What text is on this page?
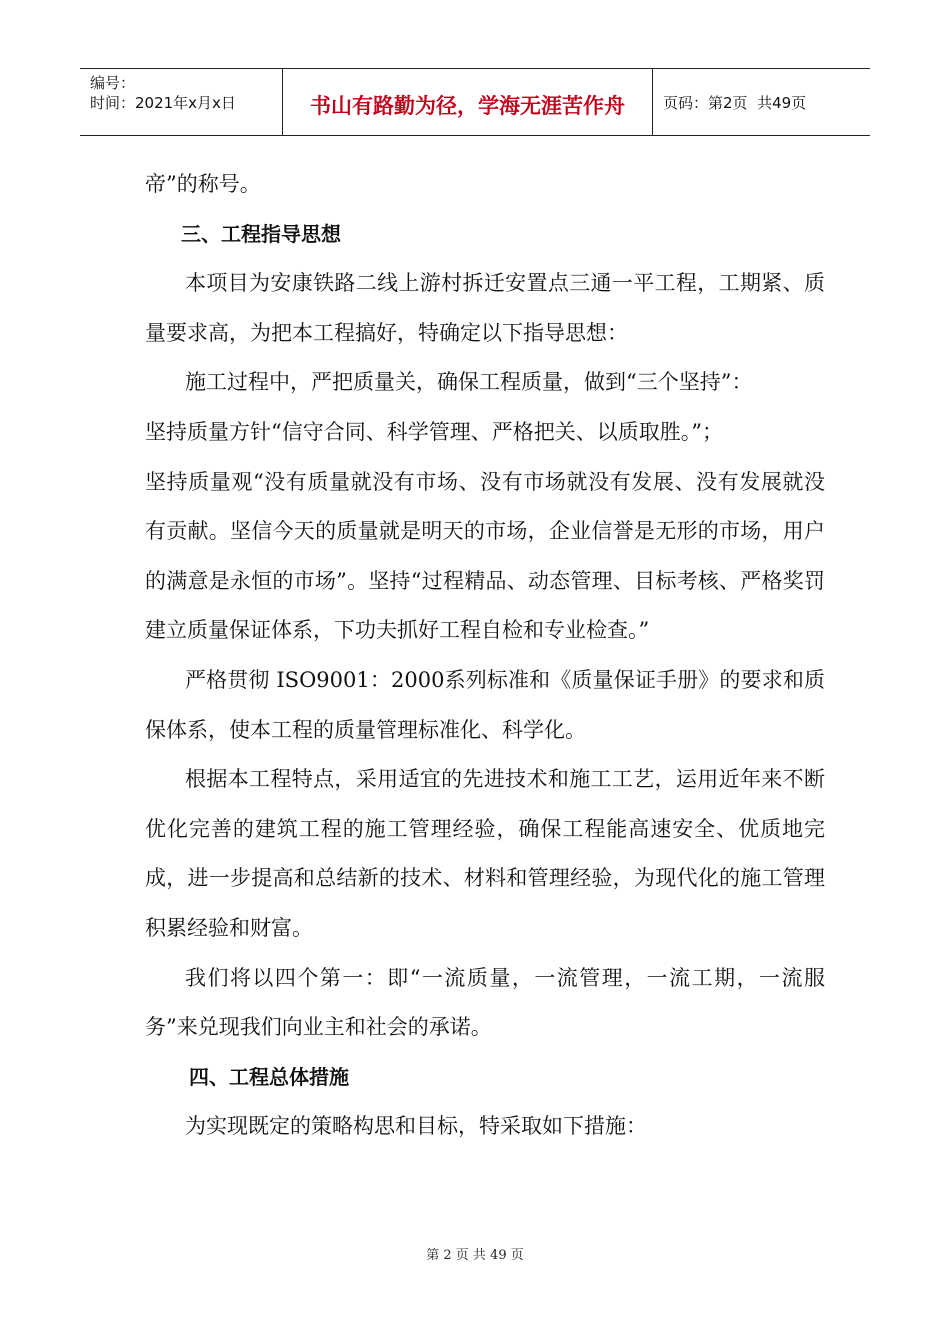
编号：
时间：2021年x月x日	书山有路勤为径，学海无涯苦作舟	页码：第2页  共49页

帝”的称号。

三、工程指导思想

本项目为安康铁路二线上游村拆迁安置点三通一平工程，工期紧、质量要求高，为把本工程搞好，特确定以下指导思想：

施工过程中，严把质量关，确保工程质量，做到“三个坚持”：

坚持质量方针“信守合同、科学管理、严格把关、以质取胜。”；

坚持质量观“没有质量就没有市场、没有市场就没有发展、没有发展就没有贡献。坚信今天的质量就是明天的市场，企业信誉是无形的市场，用户的满意是永恒的市场”。坚持“过程精品、动态管理、目标考核、严格奖罚建立质量保证体系，下功夫抓好工程自检和专业检查。”

严格贯彻 ISO9001：2000系列标准和《质量保证手册》的要求和质保体系，使本工程的质量管理标准化、科学化。

根据本工程特点，采用适宜的先进技术和施工工艺，运用近年来不断优化完善的建筑工程的施工管理经验，确保工程能高速安全、优质地完成，进一步提高和总结新的技术、材料和管理经验，为现代化的施工管理积累经验和财富。

我们将以四个第一：即“一流质量，一流管理，一流工期，一流服务”来兑现我们向业主和社会的承诺。

四、工程总体措施

为实现既定的策略构思和目标，特采取如下措施：

第 2 页 共 49 页
